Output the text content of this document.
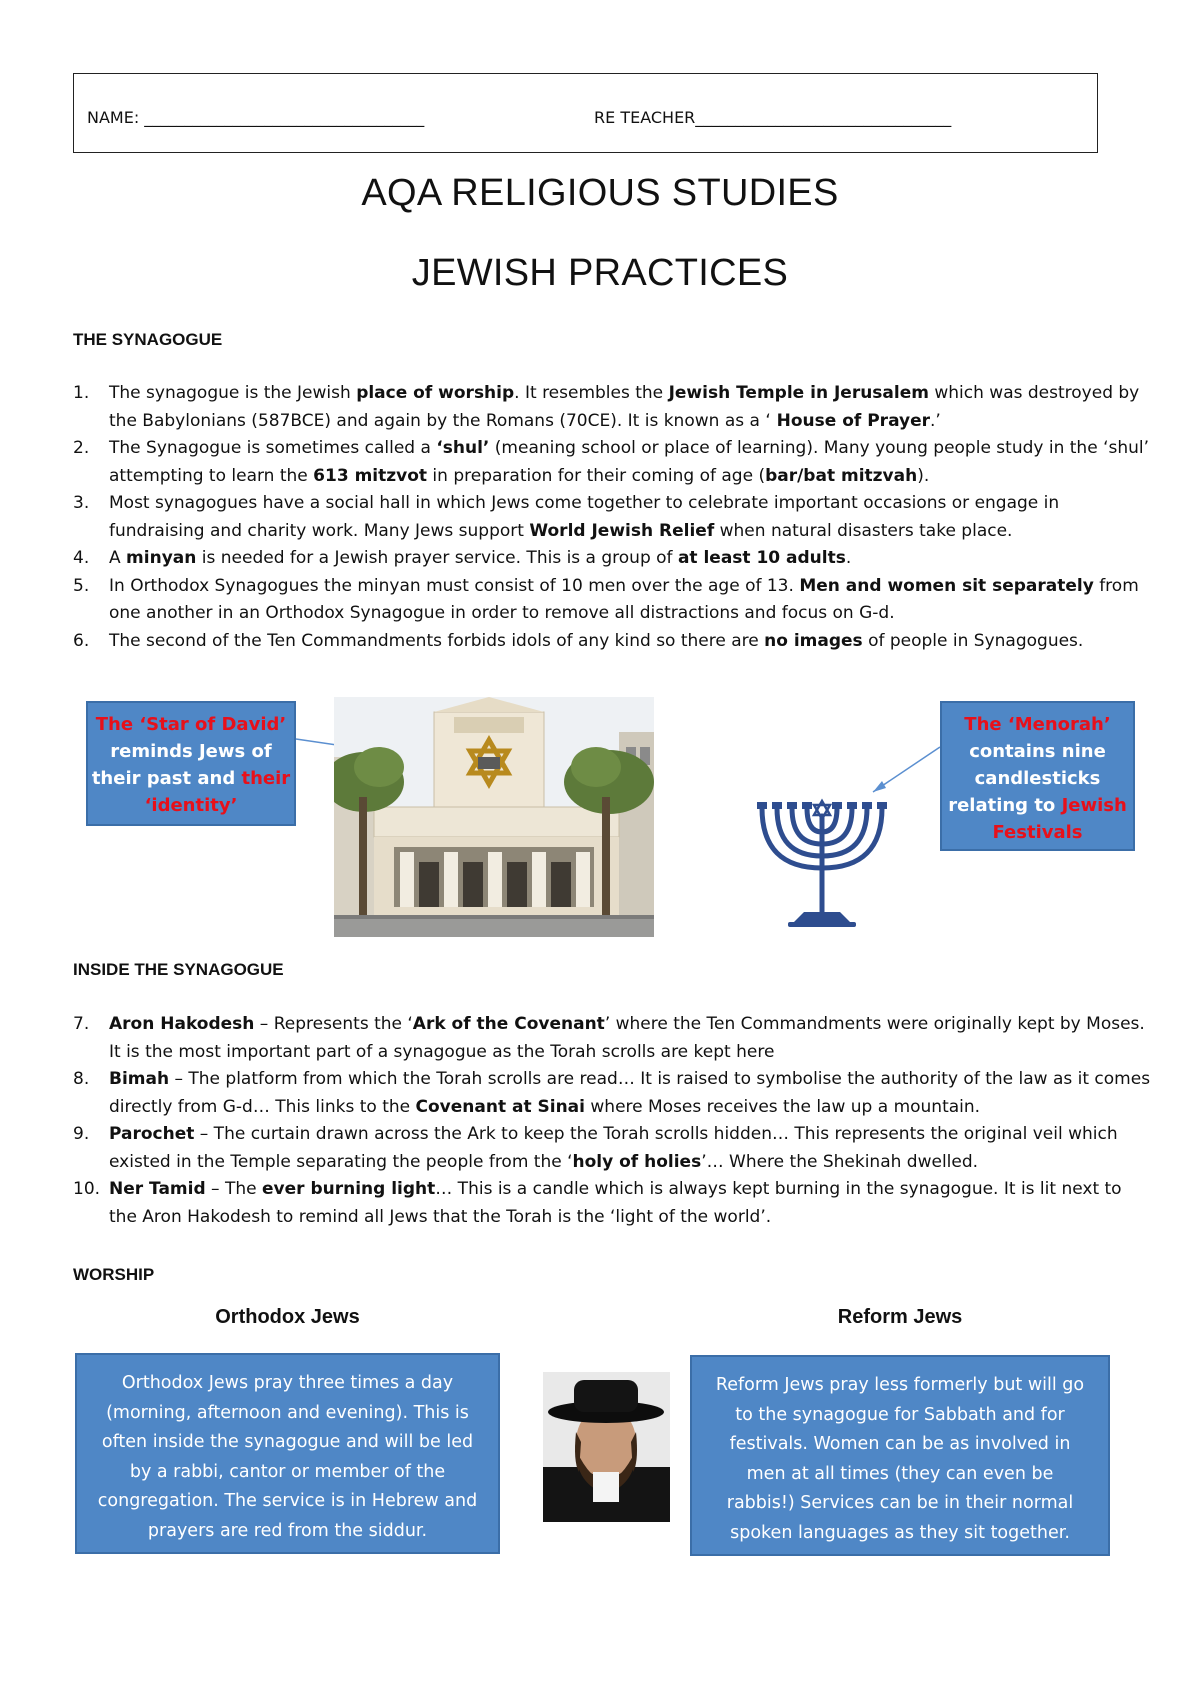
NAME: ___________________________________	RE TEACHER________________________________
AQA RELIGIOUS STUDIES
JEWISH PRACTICES
THE SYNAGOGUE
1. The synagogue is the Jewish place of worship. It resembles the Jewish Temple in Jerusalem which was destroyed by the Babylonians (587BCE) and again by the Romans (70CE). It is known as a ‘ House of Prayer.’
2. The Synagogue is sometimes called a ‘shul’ (meaning school or place of learning). Many young people study in the ‘shul’ attempting to learn the 613 mitzvot in preparation for their coming of age (bar/bat mitzvah).
3. Most synagogues have a social hall in which Jews come together to celebrate important occasions or engage in fundraising and charity work. Many Jews support World Jewish Relief when natural disasters take place.
4. A minyan is needed for a Jewish prayer service. This is a group of at least 10 adults.
5. In Orthodox Synagogues the minyan must consist of 10 men over the age of 13. Men and women sit separately from one another in an Orthodox Synagogue in order to remove all distractions and focus on G-d.
6. The second of the Ten Commandments forbids idols of any kind so there are no images of people in Synagogues.
The ‘Star of David’
reminds Jews of
their past and their
‘identity’
The ‘Menorah’
contains nine
candlesticks
relating to Jewish
Festivals
INSIDE THE SYNAGOGUE
7. Aron Hakodesh – Represents the ‘Ark of the Covenant’ where the Ten Commandments were originally kept by Moses. It is the most important part of a synagogue as the Torah scrolls are kept here
8. Bimah – The platform from which the Torah scrolls are read… It is raised to symbolise the authority of the law as it comes directly from G-d… This links to the Covenant at Sinai where Moses receives the law up a mountain.
9. Parochet – The curtain drawn across the Ark to keep the Torah scrolls hidden… This represents the original veil which existed in the Temple separating the people from the ‘holy of holies’… Where the Shekinah dwelled.
10. Ner Tamid – The ever burning light… This is a candle which is always kept burning in the synagogue. It is lit next to the Aron Hakodesh to remind all Jews that the Torah is the ‘light of the world’.
WORSHIP
Orthodox Jews	Reform Jews
Orthodox Jews pray three times a day (morning, afternoon and evening). This is often inside the synagogue and will be led by a rabbi, cantor or member of the congregation. The service is in Hebrew and prayers are red from the siddur.
Reform Jews pray less formerly but will go to the synagogue for Sabbath and for festivals. Women can be as involved in men at all times (they can even be rabbis!) Services can be in their normal spoken languages as they sit together.
